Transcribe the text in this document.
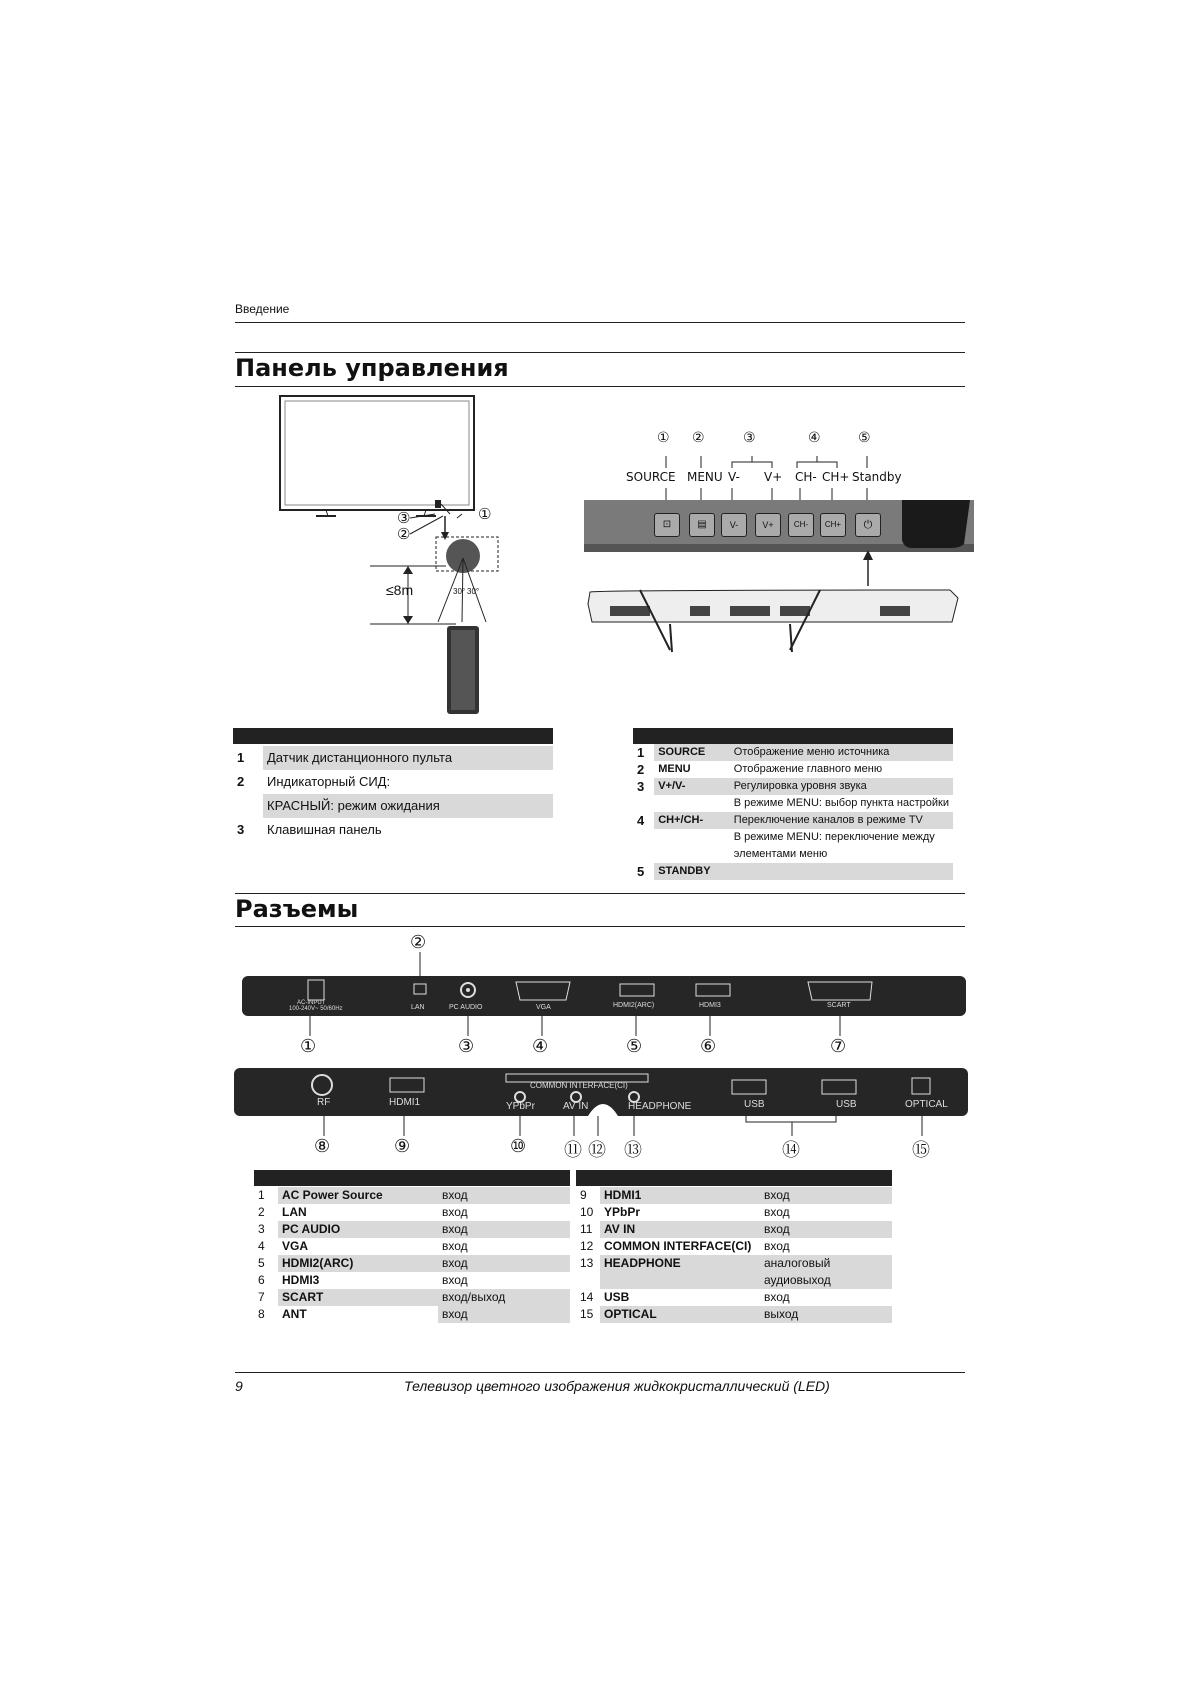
Введение
Панель управления
①
③
②
≤8m	30° 30°
① ②	③	④	⑤
SOURCE MENU V- V+ CH- CH+ Standby
⊡	▤	V-	V+	CH-	CH+	⏻
1	Датчик дистанционного пульта
2	Индикаторный СИД:
	КРАСНЫЙ: режим ожидания
3	Клавишная панель
1	SOURCE	Отображение меню источника
2	MENU	Отображение главного меню
3	V+/V-	Регулировка уровня звука
		В режиме MENU: выбор пункта настройки
4	CH+/CH-	Переключение каналов в режиме TV
		В режиме MENU: переключение между элементами меню
5	STANDBY	
Разъемы
②
AC-INPUT
100-240V~ 50/60Hz	LAN	PC AUDIO	VGA	HDMI2(ARC)	HDMI3	SCART
①	③	④	⑤	⑥	⑦
RF	HDMI1
COMMON INTERFACE(CI)
YPbPr	AV IN	HEADPHONE	USB	USB	OPTICAL
⑧	⑨	⑩ ⑪ ⑫ ⑬	⑭	⑮
1	AC Power Source	вход
2	LAN	вход
3	PC AUDIO	вход
4	VGA	вход
5	HDMI2(ARC)	вход
6	HDMI3	вход
7	SCART	вход/выход
8	ANT	вход
9	HDMI1	вход
10	YPbPr	вход
11	AV IN	вход
12	COMMON INTERFACE(CI)	вход
13	HEADPHONE	аналоговый аудиовыход
14	USB	вход
15	OPTICAL	выход
9	Телевизор цветного изображения жидкокристаллический (LED)
